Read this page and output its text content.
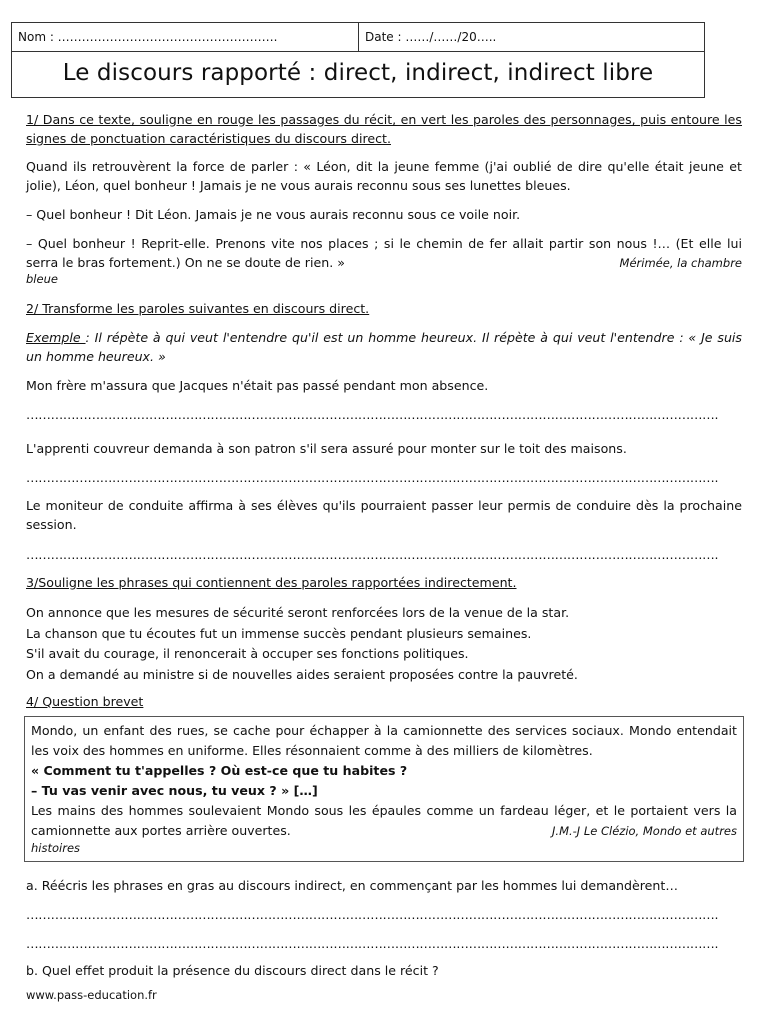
Nom : ……………………………………………….	Date : ……/……/20…..
Le discours rapporté : direct, indirect, indirect libre

1/ Dans ce texte, souligne en rouge les passages du récit, en vert les paroles des personnages, puis entoure les signes de ponctuation caractéristiques du discours direct.

Quand ils retrouvèrent la force de parler : « Léon, dit la jeune femme (j'ai oublié de dire qu'elle était jeune et jolie), Léon, quel bonheur ! Jamais je ne vous aurais reconnu sous ses lunettes bleues.
– Quel bonheur ! Dit Léon. Jamais je ne vous aurais reconnu sous ce voile noir.
– Quel bonheur ! Reprit-elle. Prenons vite nos places ; si le chemin de fer allait partir son nous !… (Et elle lui serra le bras fortement.) On ne se doute de rien. »	Mérimée, la chambre
bleue

2/ Transforme les paroles suivantes en discours direct.

Exemple : Il répète à qui veut l'entendre qu'il est un homme heureux. Il répète à qui veut l'entendre : « Je suis un homme heureux. »
Mon frère m'assura que Jacques n'était pas passé pendant mon absence.
…………………………………………………………………………………………………………………………………………………….
L'apprenti couvreur demanda à son patron s'il sera assuré pour monter sur le toit des maisons.
…………………………………………………………………………………………………………………………………………………….
Le moniteur de conduite affirma à ses élèves qu'ils pourraient passer leur permis de conduire dès la prochaine session.
…………………………………………………………………………………………………………………………………………………….

3/Souligne les phrases qui contiennent des paroles rapportées indirectement.

On annonce que les mesures de sécurité seront renforcées lors de la venue de la star.
La chanson que tu écoutes fut un immense succès pendant plusieurs semaines.
S'il avait du courage, il renoncerait à occuper ses fonctions politiques.
On a demandé au ministre si de nouvelles aides seraient proposées contre la pauvreté.

4/ Question brevet

Mondo, un enfant des rues, se cache pour échapper à la camionnette des services sociaux. Mondo entendait les voix des hommes en uniforme. Elles résonnaient comme à des milliers de kilomètres.
« Comment tu t'appelles ? Où est-ce que tu habites ?
– Tu vas venir avec nous, tu veux ? » […]
Les mains des hommes soulevaient Mondo sous les épaules comme un fardeau léger, et le portaient vers la camionnette aux portes arrière ouvertes.	J.M.-J Le Clézio, Mondo et autres
histoires
a. Réécris les phrases en gras au discours indirect, en commençant par les hommes lui demandèrent…
…………………………………………………………………………………………………………………………………………………….
…………………………………………………………………………………………………………………………………………………….
b. Quel effet produit la présence du discours direct dans le récit ?
www.pass-education.fr
